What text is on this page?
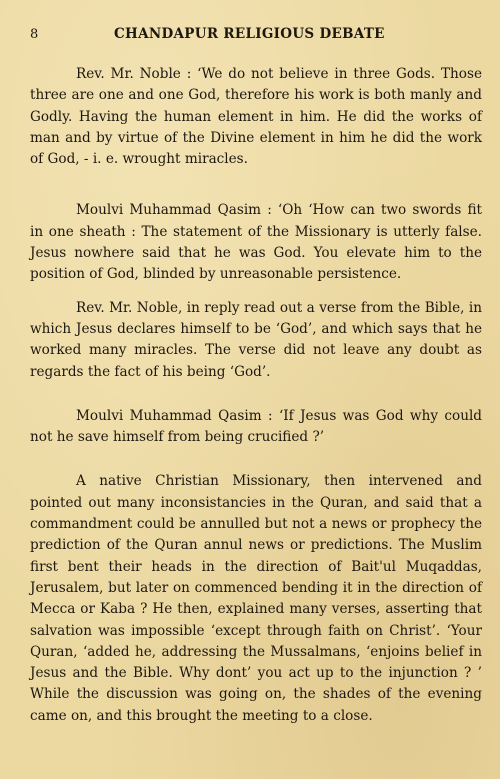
8	CHANDAPUR RELIGIOUS DEBATE

Rev. Mr. Noble : ‘We do not believe in three Gods. Those three are one and one God, therefore his work is both manly and Godly. Having the human element in him. He did the works of man and by virtue of the Divine element in him he did the work of God, - i. e. wrought miracles.

Moulvi Muhammad Qasim : ‘Oh ‘How can two swords fit in one sheath : The statement of the Missionary is utterly false. Jesus nowhere said that he was God. You elevate him to the position of God, blinded by unreasonable persistence.

Rev. Mr. Noble, in reply read out a verse from the Bible, in which Jesus declares himself to be ‘God’, and which says that he worked many miracles. The verse did not leave any doubt as regards the fact of his being ‘God’.

Moulvi Muhammad Qasim : ‘If Jesus was God why could not he save himself from being crucified ?’

A native Christian Missionary, then intervened and pointed out many inconsistancies in the Quran, and said that a commandment could be annulled but not a news or prophecy the prediction of the Quran annul news or predictions. The Muslim first bent their heads in the direction of Bait'ul Muqaddas, Jerusalem, but later on commenced bending it in the direction of Mecca or Kaba ? He then, explained many verses, asserting that salvation was impossible ‘except through faith on Christ’. ‘Your Quran, ‘added he, addressing the Mussalmans, ‘enjoins belief in Jesus and the Bible. Why dont’ you act up to the injunction ? ’ While the discussion was going on, the shades of the evening came on, and this brought the meeting to a close.
